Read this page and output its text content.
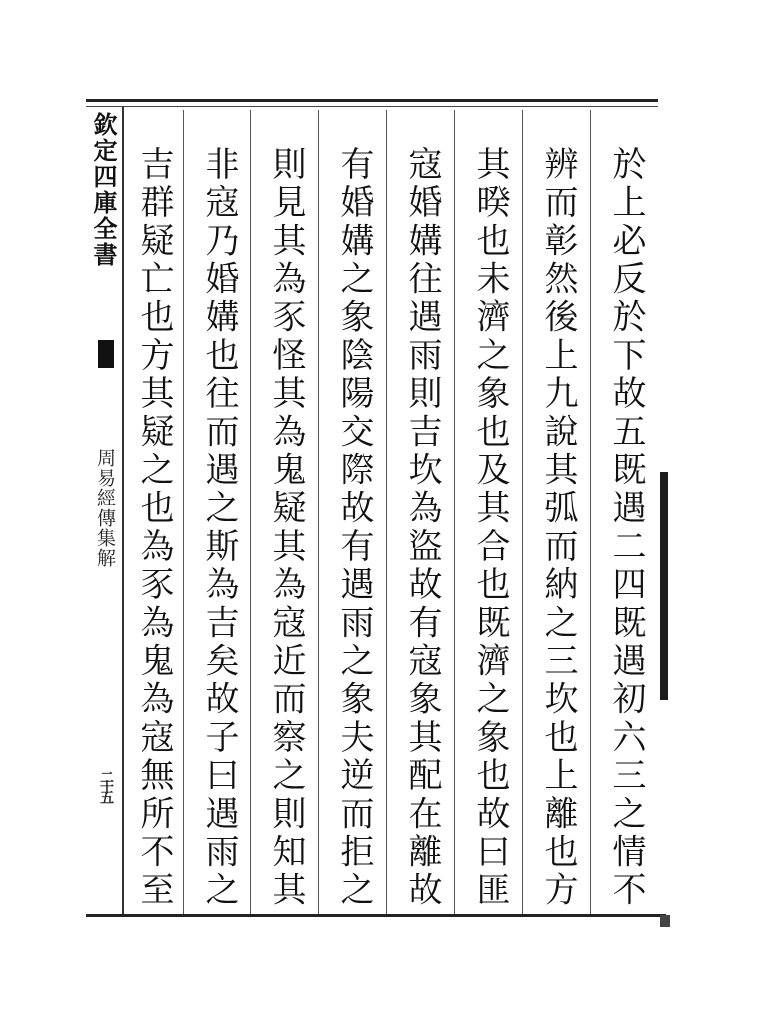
欽定四庫全書
周易經傳集解
二十五	於上必反於下故五既遇二四既遇初六三之情不
辨而彰然後上九說其弧而納之三坎也上離也方
其暌也未濟之象也及其合也既濟之象也故曰匪
寇婚媾往遇雨則吉坎為盜故有寇象其配在離故
有婚媾之象陰陽交際故有遇雨之象夫逆而拒之
則見其為豕怪其為鬼疑其為寇近而察之則知其
非寇乃婚媾也往而遇之斯為吉矣故子曰遇雨之
吉群疑亡也方其疑之也為豕為鬼為寇無所不至
